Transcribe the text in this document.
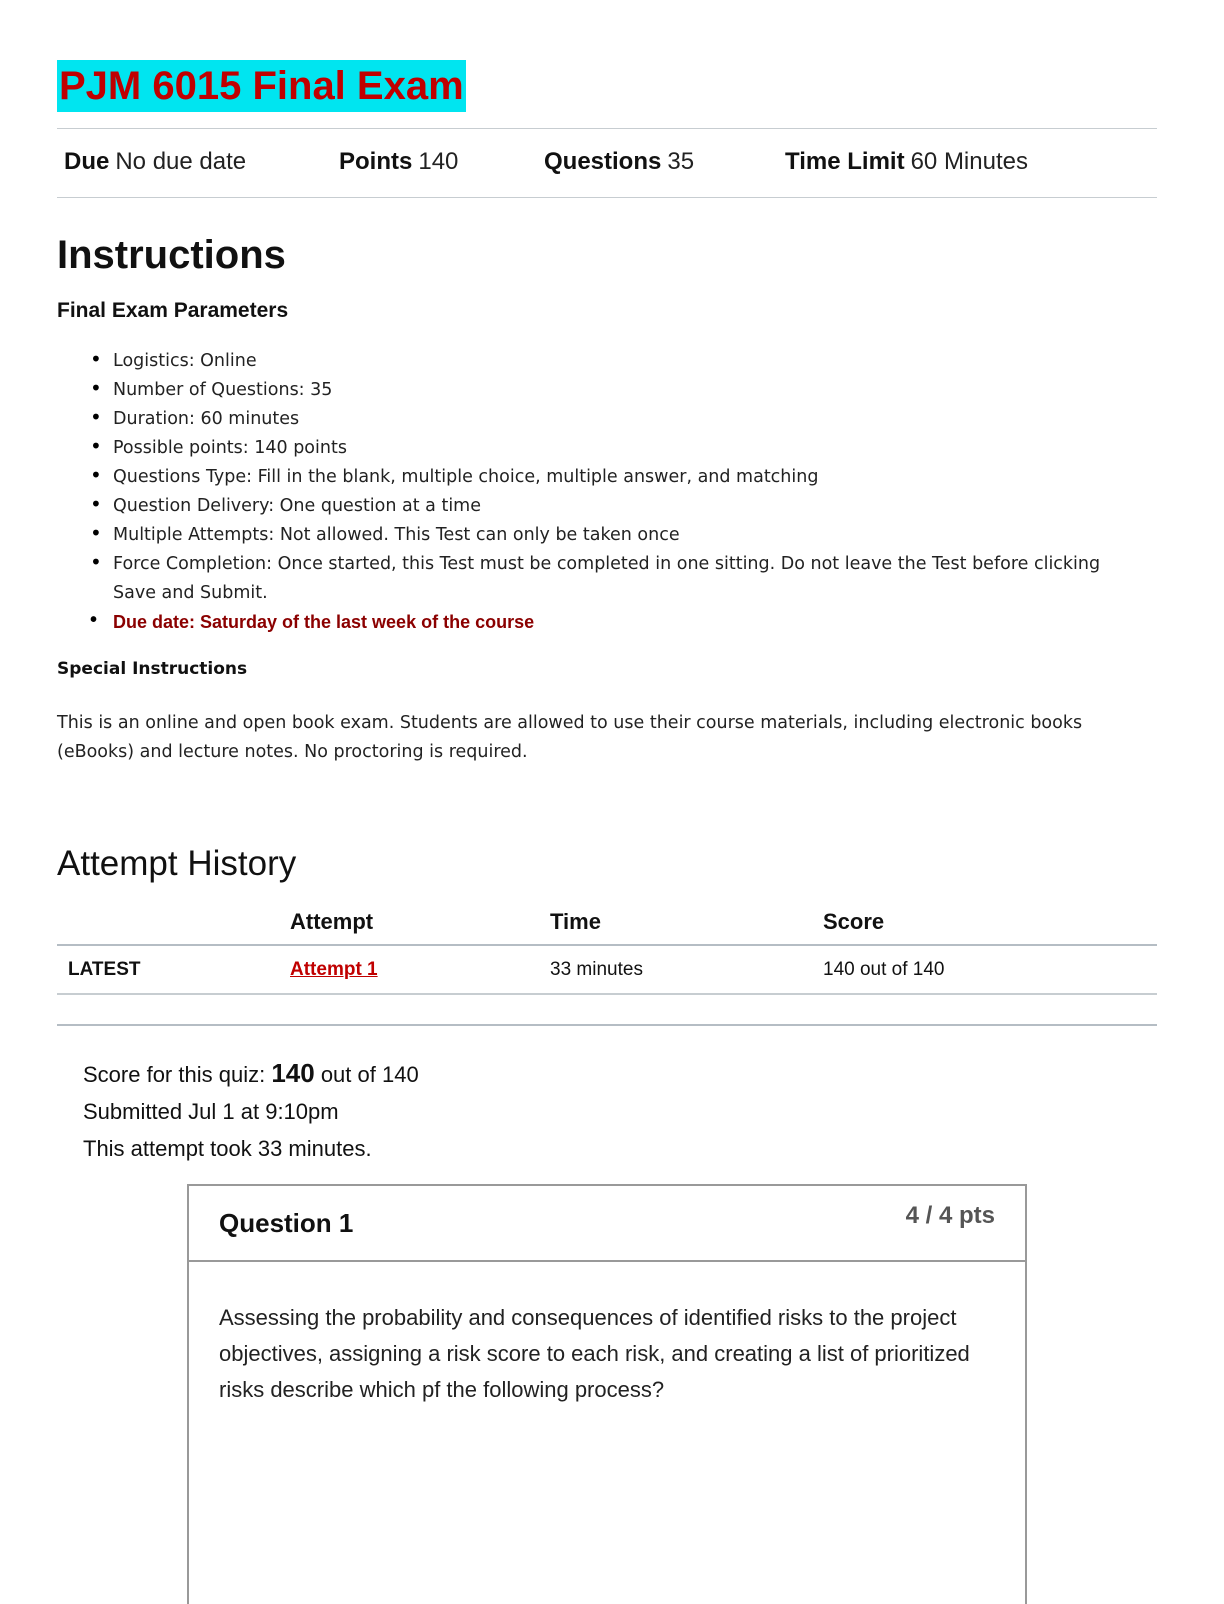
PJM 6015 Final Exam
Due No due date	Points 140	Questions 35	Time Limit 60 Minutes
Instructions
Final Exam Parameters
• Logistics: Online
• Number of Questions: 35
• Duration: 60 minutes
• Possible points: 140 points
• Questions Type: Fill in the blank, multiple choice, multiple answer, and matching
• Question Delivery: One question at a time
• Multiple Attempts: Not allowed. This Test can only be taken once
• Force Completion: Once started, this Test must be completed in one sitting. Do not leave the Test before clicking Save and Submit.
• Due date: Saturday of the last week of the course
Special Instructions

This is an online and open book exam. Students are allowed to use their course materials, including electronic books (eBooks) and lecture notes. No proctoring is required.

Attempt History
	Attempt	Time	Score
LATEST	Attempt 1	33 minutes	140 out of 140
Score for this quiz: 140 out of 140
Submitted Jul 1 at 9:10pm
This attempt took 33 minutes.
Question 1	4 / 4 pts

Assessing the probability and consequences of identified risks to the project objectives, assigning a risk score to each risk, and creating a list of prioritized risks describe which pf the following process?
